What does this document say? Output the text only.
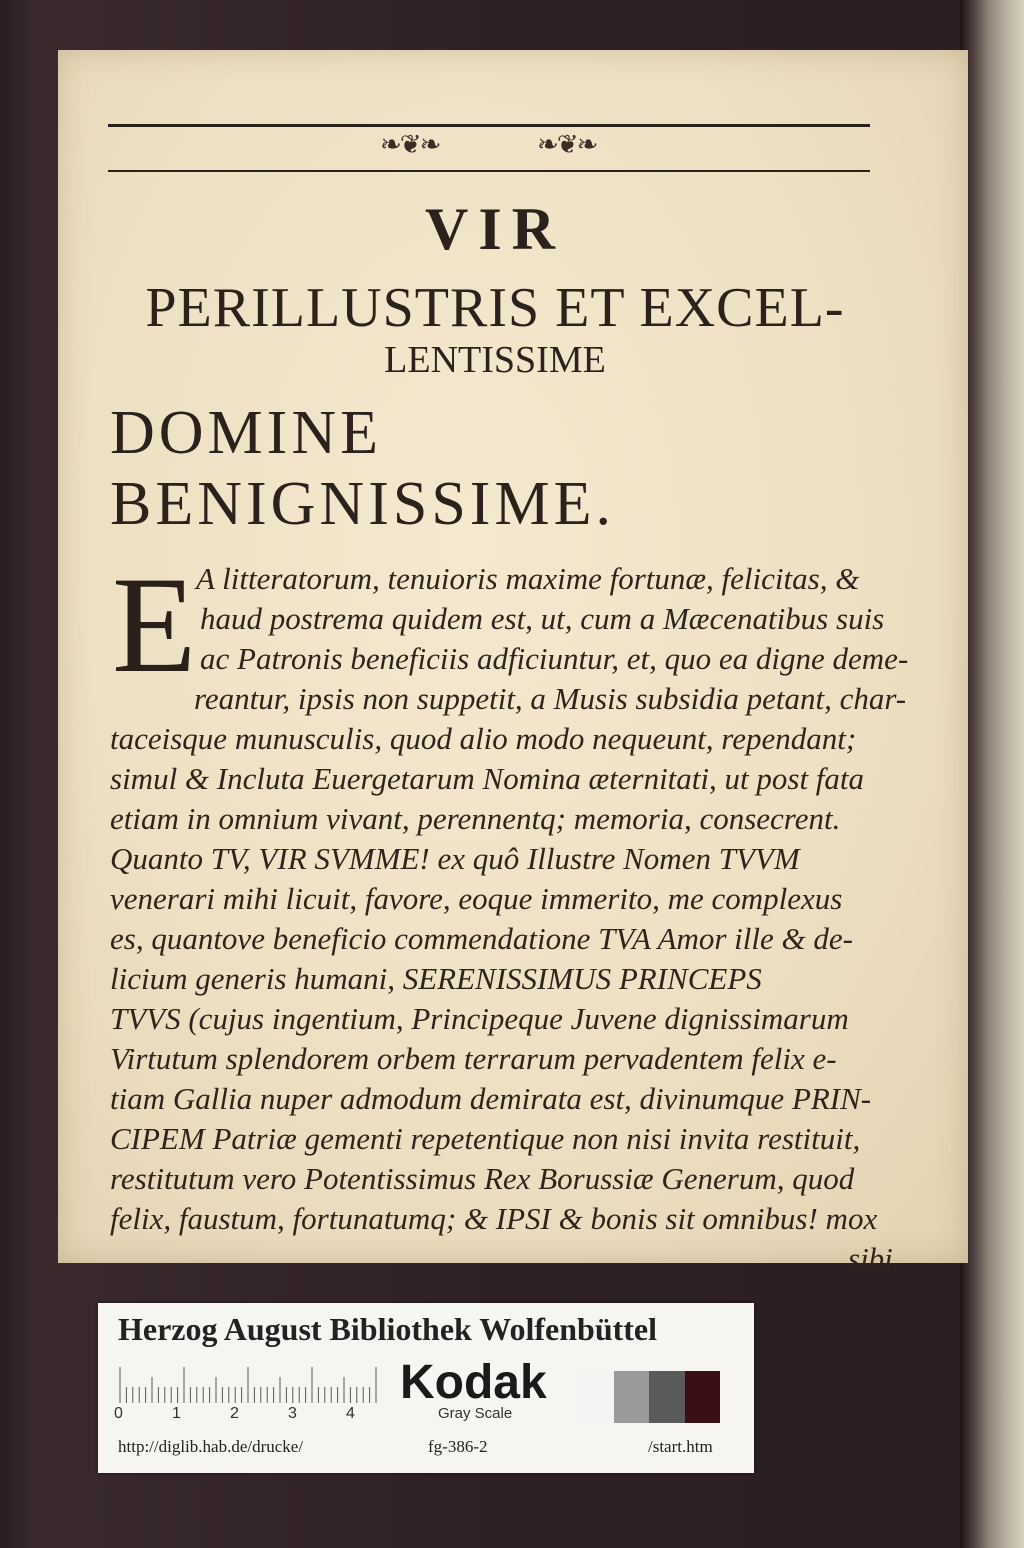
❧❦❧	❧❦❧
VIR
PERILLUSTRIS ET EXCEL-
LENTISSIME
DOMINE BENIGNISSIME.
E A litteratorum, tenuioris maxime fortunæ, felicitas, &
haud postrema quidem est, ut, cum a Mæcenatibus suis
ac Patronis beneficiis adficiuntur, et, quo ea digne deme-
reantur, ipsis non suppetit, a Musis subsidia petant, char-
taceisque munusculis, quod alio modo nequeunt, rependant;
simul & Incluta Euergetarum Nomina æternitati, ut post fata
etiam in omnium vivant, perennentq; memoria, consecrent.
Quanto TV, VIR SVMME! ex quô Illustre Nomen TVVM
venerari mihi licuit, favore, eoque immerito, me complexus
es, quantove beneficio commendatione TVA Amor ille & de-
licium generis humani, SERENISSIMUS PRINCEPS
TVVS (cujus ingentium, Principeque Juvene dignissimarum
Virtutum splendorem orbem terrarum pervadentem felix e-
tiam Gallia nuper admodum demirata est, divinumque PRIN-
CIPEM Patriæ gementi repetentique non nisi invita restituit,
restitutum vero Potentissimus Rex Borussiæ Generum, quod
felix, faustum, fortunatumq; & IPSI & bonis sit omnibus! mox
sibi
Herzog August Bibliothek Wolfenbüttel
0	1	2	3	4
Kodak
Gray Scale
http://diglib.hab.de/drucke/	fg-386-2	/start.htm
